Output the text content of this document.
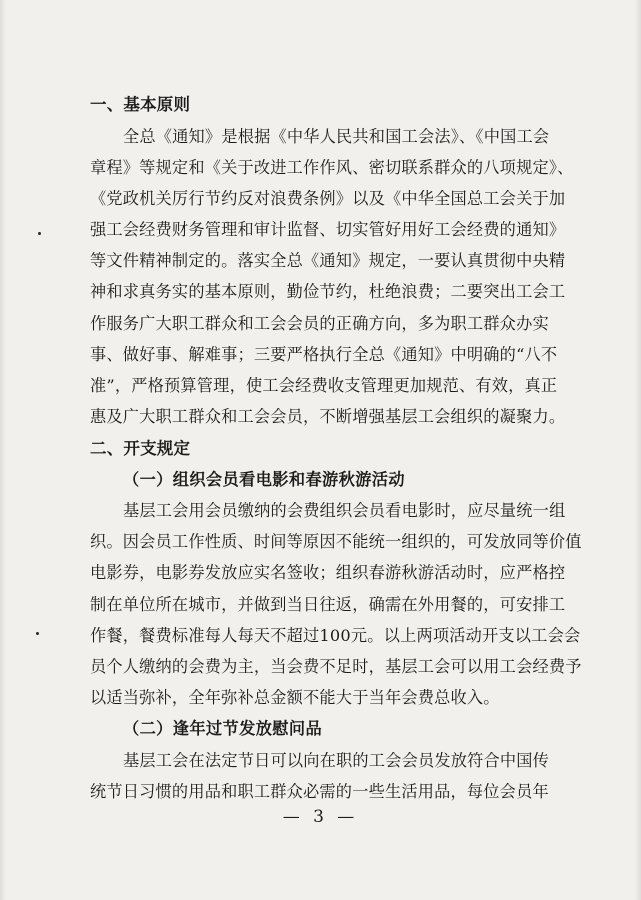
一、基本原则
全总《通知》是根据《中华人民共和国工会法》、《中国工会
章程》等规定和《关于改进工作作风、密切联系群众的八项规定》、
《党政机关厉行节约反对浪费条例》以及《中华全国总工会关于加
强工会经费财务管理和审计监督、切实管好用好工会经费的通知》
等文件精神制定的。落实全总《通知》规定，一要认真贯彻中央精
神和求真务实的基本原则，勤俭节约，杜绝浪费；二要突出工会工
作服务广大职工群众和工会会员的正确方向，多为职工群众办实
事、做好事、解难事；三要严格执行全总《通知》中明确的“八不
准”，严格预算管理，使工会经费收支管理更加规范、有效，真正
惠及广大职工群众和工会会员，不断增强基层工会组织的凝聚力。
二、开支规定
（一）组织会员看电影和春游秋游活动
基层工会用会员缴纳的会费组织会员看电影时，应尽量统一组
织。因会员工作性质、时间等原因不能统一组织的，可发放同等价值
电影券，电影券发放应实名签收；组织春游秋游活动时，应严格控
制在单位所在城市，并做到当日往返，确需在外用餐的，可安排工
作餐，餐费标准每人每天不超过100元。以上两项活动开支以工会会
员个人缴纳的会费为主，当会费不足时，基层工会可以用工会经费予
以适当弥补，全年弥补总金额不能大于当年会费总收入。
（二）逢年过节发放慰问品
基层工会在法定节日可以向在职的工会会员发放符合中国传
统节日习惯的用品和职工群众必需的一些生活用品，每位会员年
— 3 —
